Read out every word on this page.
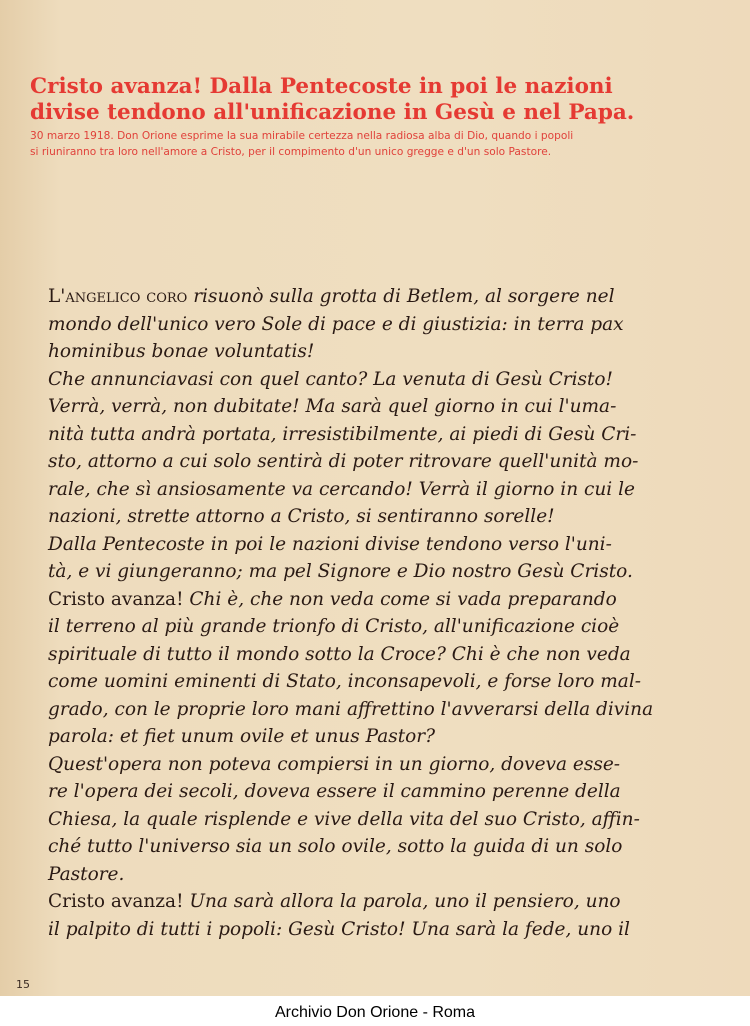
Cristo avanza! Dalla Pentecoste in poi le nazioni
divise tendono all'unificazione in Gesù e nel Papa.
30 marzo 1918. Don Orione esprime la sua mirabile certezza nella radiosa alba di Dio, quando i popoli
si riuniranno tra loro nell'amore a Cristo, per il compimento d'un unico gregge e d'un solo Pastore.

L'angelico coro risuonò sulla grotta di Betlem, al sorgere nel
mondo dell'unico vero Sole di pace e di giustizia: in terra pax
hominibus bonae voluntatis!

Che annunciavasi con quel canto? La venuta di Gesù Cristo!

Verrà, verrà, non dubitate! Ma sarà quel giorno in cui l'uma-
nità tutta andrà portata, irresistibilmente, ai piedi di Gesù Cri-
sto, attorno a cui solo sentirà di poter ritrovare quell'unità mo-
rale, che sì ansiosamente va cercando! Verrà il giorno in cui le
nazioni, strette attorno a Cristo, si sentiranno sorelle!

Dalla Pentecoste in poi le nazioni divise tendono verso l'uni-
tà, e vi giungeranno; ma pel Signore e Dio nostro Gesù Cristo.

Cristo avanza! Chi è, che non veda come si vada preparando
il terreno al più grande trionfo di Cristo, all'unificazione cioè
spirituale di tutto il mondo sotto la Croce? Chi è che non veda
come uomini eminenti di Stato, inconsapevoli, e forse loro mal-
grado, con le proprie loro mani affrettino l'avverarsi della divina
parola: et fiet unum ovile et unus Pastor?

Quest'opera non poteva compiersi in un giorno, doveva esse-
re l'opera dei secoli, doveva essere il cammino perenne della
Chiesa, la quale risplende e vive della vita del suo Cristo, affin-
ché tutto l'universo sia un solo ovile, sotto la guida di un solo
Pastore.

Cristo avanza! Una sarà allora la parola, uno il pensiero, uno
il palpito di tutti i popoli: Gesù Cristo! Una sarà la fede, uno il

15
Archivio Don Orione - Roma
